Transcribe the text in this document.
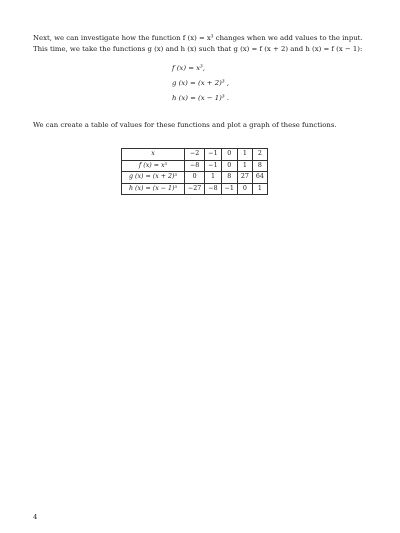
Next, we can investigate how the function f (x) = x³ changes when we add values to the input. This time, we take the functions g (x) and h (x) such that g (x) = f (x + 2) and h (x) = f (x − 1):

f (x) = x³,
g (x) = (x + 2)³ ,
h (x) = (x − 1)³ .

We can create a table of values for these functions and plot a graph of these functions.

x	−2	−1	0	1	2
f (x) = x³	−8	−1	0	1	8
g (x) = (x + 2)³	0	1	8	27	64
h (x) = (x − 1)³	−27	−8	−1	0	1
4
